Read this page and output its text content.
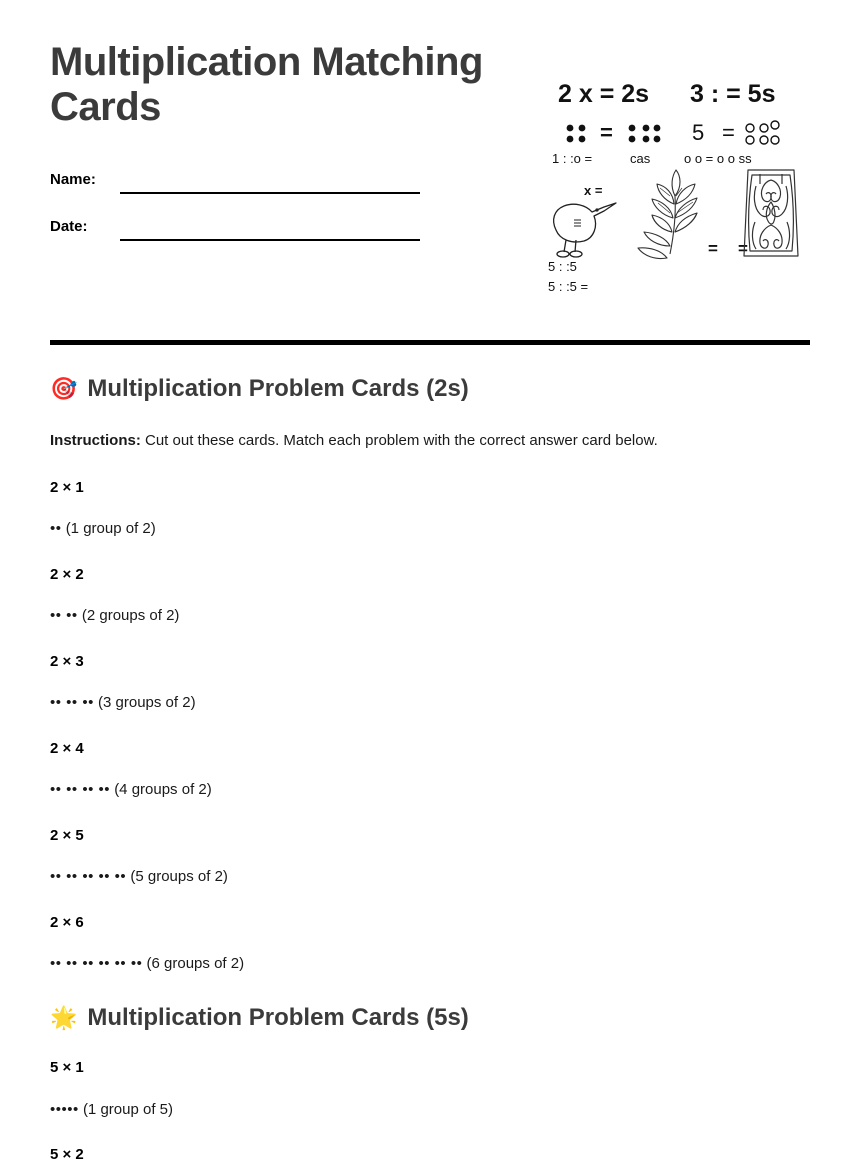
Multiplication Matching Cards
Name:
Date:
2 x = 2s 3 : = 5s
=	5 =
1 : :o =	cas	o o = o o ss
x =
= =
5 : :5
5 : :5 =
🎯 Multiplication Problem Cards (2s)

Instructions: Cut out these cards. Match each problem with the correct answer card below.

2 × 1

•• (1 group of 2)

2 × 2

•• •• (2 groups of 2)

2 × 3

•• •• •• (3 groups of 2)

2 × 4

•• •• •• •• (4 groups of 2)

2 × 5

•• •• •• •• •• (5 groups of 2)

2 × 6

•• •• •• •• •• •• (6 groups of 2)

🌟 Multiplication Problem Cards (5s)

5 × 1

••••• (1 group of 5)

5 × 2
